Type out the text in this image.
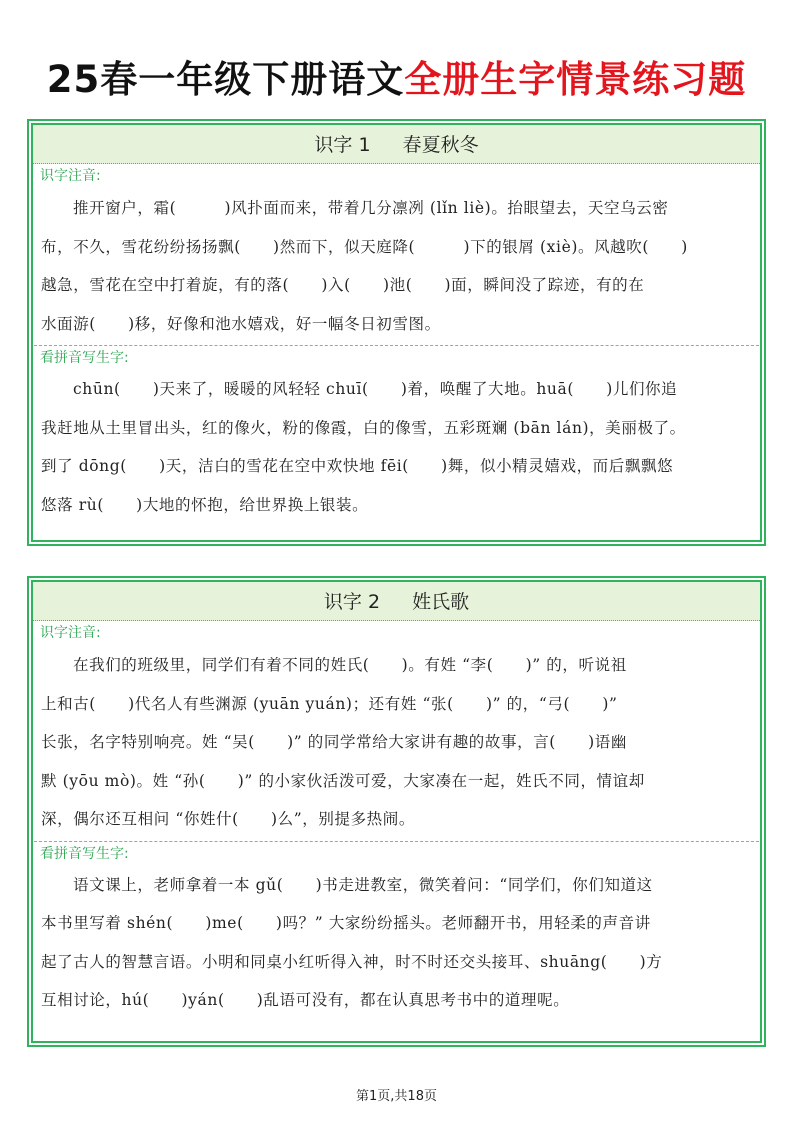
25春一年级下册语文全册生字情景练习题
识字 1 春夏秋冬
识字注音:
推开窗户，霜(　　　)风扑面而来，带着几分凛冽 (lǐn liè)。抬眼望去，天空乌云密
布，不久，雪花纷纷扬扬飘(　　)然而下，似天庭降(　　　)下的银屑 (xiè)。风越吹(　　)
越急，雪花在空中打着旋，有的落(　　)入(　　)池(　　)面，瞬间没了踪迹，有的在
水面游(　　)移，好像和池水嬉戏，好一幅冬日初雪图。
看拼音写生字:
chūn(　　)天来了，暖暖的风轻轻 chuī(　　)着，唤醒了大地。huā(　　)儿们你追
我赶地从土里冒出头，红的像火，粉的像霞，白的像雪，五彩斑斓 (bān lán)，美丽极了。
到了 dōng(　　)天，洁白的雪花在空中欢快地 fēi(　　)舞，似小精灵嬉戏，而后飘飘悠
悠落 rù(　　)大地的怀抱，给世界换上银装。
识字 2 姓氏歌
识字注音:
在我们的班级里，同学们有着不同的姓氏(　　)。有姓 “李(　　)” 的，听说祖
上和古(　　)代名人有些渊源 (yuān yuán)；还有姓 “张(　　)” 的，“弓(　　)”
长张，名字特别响亮。姓 “吴(　　)” 的同学常给大家讲有趣的故事，言(　　)语幽
默 (yōu mò)。姓 “孙(　　)” 的小家伙活泼可爱，大家凑在一起，姓氏不同，情谊却
深，偶尔还互相问 “你姓什(　　)么”，别提多热闹。
看拼音写生字:
语文课上，老师拿着一本 gǔ(　　)书走进教室，微笑着问：“同学们，你们知道这
本书里写着 shén(　　)me(　　)吗？” 大家纷纷摇头。老师翻开书，用轻柔的声音讲
起了古人的智慧言语。小明和同桌小红听得入神，时不时还交头接耳、shuāng(　　)方
互相讨论，hú(　　)yán(　　)乱语可没有，都在认真思考书中的道理呢。
第1页,共18页
